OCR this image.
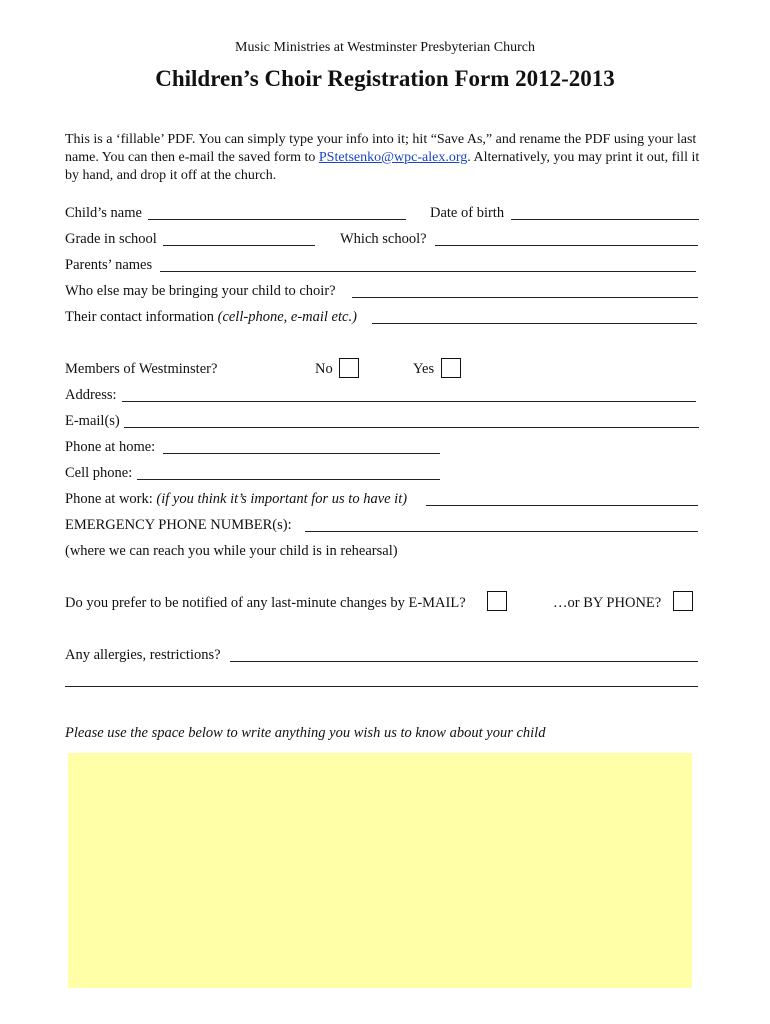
Music Ministries at Westminster Presbyterian Church
Children’s Choir Registration Form 2012-2013
This is a ‘fillable’ PDF. You can simply type your info into it; hit “Save As,” and rename the PDF using your last name. You can then e-mail the saved form to PStetsenko@wpc-alex.org. Alternatively, you may print it out, fill it by hand, and drop it off at the church.
Child’s name	Date of birth
Grade in school	Which school?
Parents’ names
Who else may be bringing your child to choir?
Their contact information (cell-phone, e-mail etc.)
Members of Westminster?	No	Yes
Address:
E-mail(s)
Phone at home:
Cell phone:
Phone at work: (if you think it’s important for us to have it)
EMERGENCY PHONE NUMBER(s):
(where we can reach you while your child is in rehearsal)
Do you prefer to be notified of any last-minute changes by E-MAIL?	…or BY PHONE?
Any allergies, restrictions?
Please use the space below to write anything you wish us to know about your child
